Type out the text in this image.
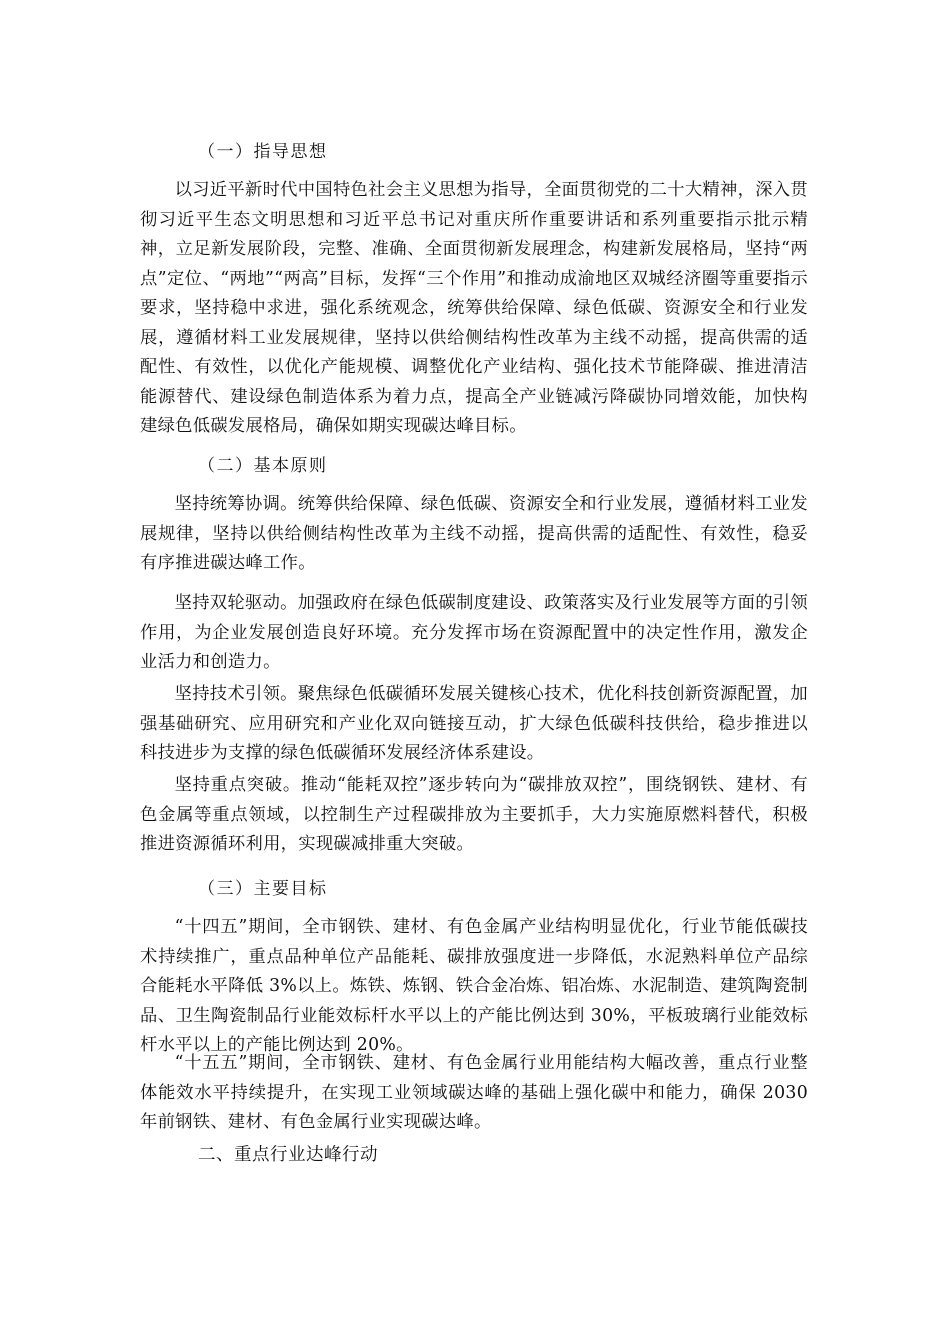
（一）指导思想

以习近平新时代中国特色社会主义思想为指导，全面贯彻党的二十大精神，深入贯彻习近平生态文明思想和习近平总书记对重庆所作重要讲话和系列重要指示批示精神，立足新发展阶段，完整、准确、全面贯彻新发展理念，构建新发展格局，坚持“两点”定位、“两地”“两高”目标，发挥“三个作用”和推动成渝地区双城经济圈等重要指示要求，坚持稳中求进，强化系统观念，统筹供给保障、绿色低碳、资源安全和行业发展，遵循材料工业发展规律，坚持以供给侧结构性改革为主线不动摇，提高供需的适配性、有效性，以优化产能规模、调整优化产业结构、强化技术节能降碳、推进清洁能源替代、建设绿色制造体系为着力点，提高全产业链减污降碳协同增效能，加快构建绿色低碳发展格局，确保如期实现碳达峰目标。

（二）基本原则

坚持统筹协调。统筹供给保障、绿色低碳、资源安全和行业发展，遵循材料工业发展规律，坚持以供给侧结构性改革为主线不动摇，提高供需的适配性、有效性，稳妥有序推进碳达峰工作。

坚持双轮驱动。加强政府在绿色低碳制度建设、政策落实及行业发展等方面的引领作用，为企业发展创造良好环境。充分发挥市场在资源配置中的决定性作用，激发企业活力和创造力。

坚持技术引领。聚焦绿色低碳循环发展关键核心技术，优化科技创新资源配置，加强基础研究、应用研究和产业化双向链接互动，扩大绿色低碳科技供给，稳步推进以科技进步为支撑的绿色低碳循环发展经济体系建设。

坚持重点突破。推动“能耗双控”逐步转向为“碳排放双控”，围绕钢铁、建材、有色金属等重点领域，以控制生产过程碳排放为主要抓手，大力实施原燃料替代，积极推进资源循环利用，实现碳减排重大突破。

（三）主要目标

“十四五”期间，全市钢铁、建材、有色金属产业结构明显优化，行业节能低碳技术持续推广，重点品种单位产品能耗、碳排放强度进一步降低，水泥熟料单位产品综合能耗水平降低 3%以上。炼铁、炼钢、铁合金冶炼、铝冶炼、水泥制造、建筑陶瓷制品、卫生陶瓷制品行业能效标杆水平以上的产能比例达到 30%，平板玻璃行业能效标杆水平以上的产能比例达到 20%。

“十五五”期间，全市钢铁、建材、有色金属行业用能结构大幅改善，重点行业整体能效水平持续提升，在实现工业领域碳达峰的基础上强化碳中和能力，确保 2030 年前钢铁、建材、有色金属行业实现碳达峰。

二、重点行业达峰行动
